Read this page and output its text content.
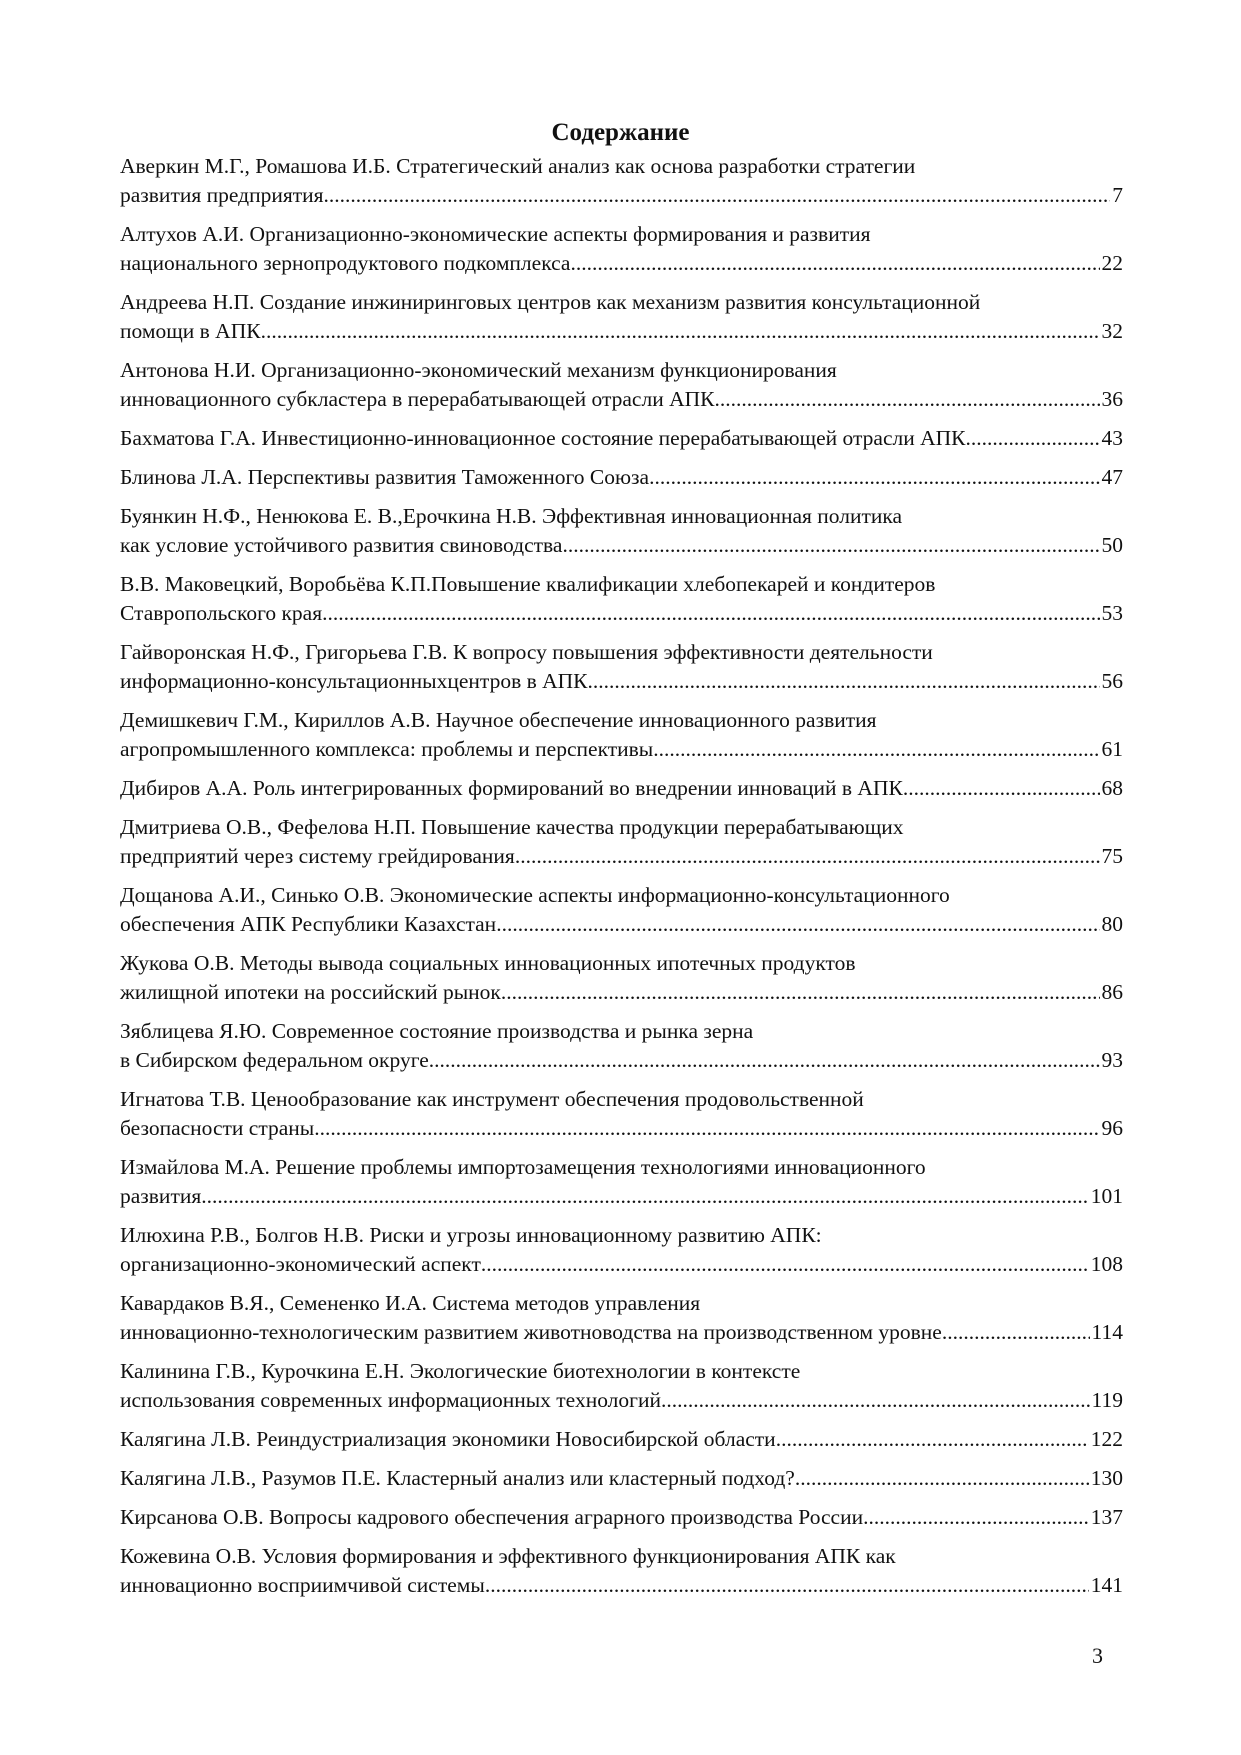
Содержание
Аверкин М.Г., Ромашова И.Б. Стратегический анализ как основа разработки стратегии
развития предприятия .....	7
Алтухов А.И. Организационно-экономические аспекты формирования и развития
национального зернопродуктового подкомплекса .....	22
Андреева Н.П. Создание инжиниринговых центров как механизм развития консультационной
помощи в АПК .....	32
Антонова Н.И. Организационно-экономический механизм функционирования
инновационного субкластера в перерабатывающей отрасли АПК .....	36
Бахматова Г.А. Инвестиционно-инновационное состояние перерабатывающей отрасли АПК .....	43
Блинова Л.А. Перспективы развития Таможенного Союза .....	47
Буянкин Н.Ф., Ненюкова Е. В.,Ерочкина Н.В. Эффективная инновационная политика
как условие устойчивого развития свиноводства .....	50
В.В. Маковецкий, Воробьёва К.П.Повышение квалификации хлебопекарей и кондитеров
Ставропольского края .....	53
Гайворонская Н.Ф., Григорьева Г.В. К вопросу повышения эффективности деятельности
информационно-консультационныхцентров в АПК .....	56
Демишкевич Г.М., Кириллов А.В. Научное обеспечение инновационного развития
агропромышленного комплекса: проблемы и перспективы .....	61
Дибиров А.А. Роль интегрированных формирований во внедрении инноваций в АПК .....	68
Дмитриева О.В., Фефелова Н.П. Повышение качества продукции перерабатывающих
предприятий через систему грейдирования .....	75
Дощанова А.И., Синько О.В. Экономические аспекты информационно-консультационного
обеспечения АПК Республики Казахстан .....	80
Жукова О.В. Методы вывода социальных инновационных ипотечных продуктов
жилищной ипотеки на российский рынок .....	86
Зяблицева Я.Ю. Современное состояние производства и рынка зерна
в Сибирском федеральном округе .....	93
Игнатова Т.В. Ценообразование как инструмент обеспечения продовольственной
безопасности страны .....	96
Измайлова М.А. Решение проблемы импортозамещения технологиями инновационного
развития .....	101
Илюхина Р.В., Болгов Н.В. Риски и угрозы инновационному развитию АПК:
организационно-экономический аспект .....	108
Кавардаков В.Я., Семененко И.А. Система методов управления
инновационно-технологическим развитием животноводства на производственном уровне .....	114
Калинина Г.В., Курочкина Е.Н. Экологические биотехнологии в контексте
использования современных информационных технологий .....	119
Калягина Л.В. Реиндустриализация экономики Новосибирской области .....	122
Калягина Л.В., Разумов П.Е. Кластерный анализ или кластерный подход? .....	130
Кирсанова О.В. Вопросы кадрового обеспечения аграрного производства России .....	137
Кожевина О.В. Условия формирования и эффективного функционирования АПК как
инновационно восприимчивой системы .....	141
3
